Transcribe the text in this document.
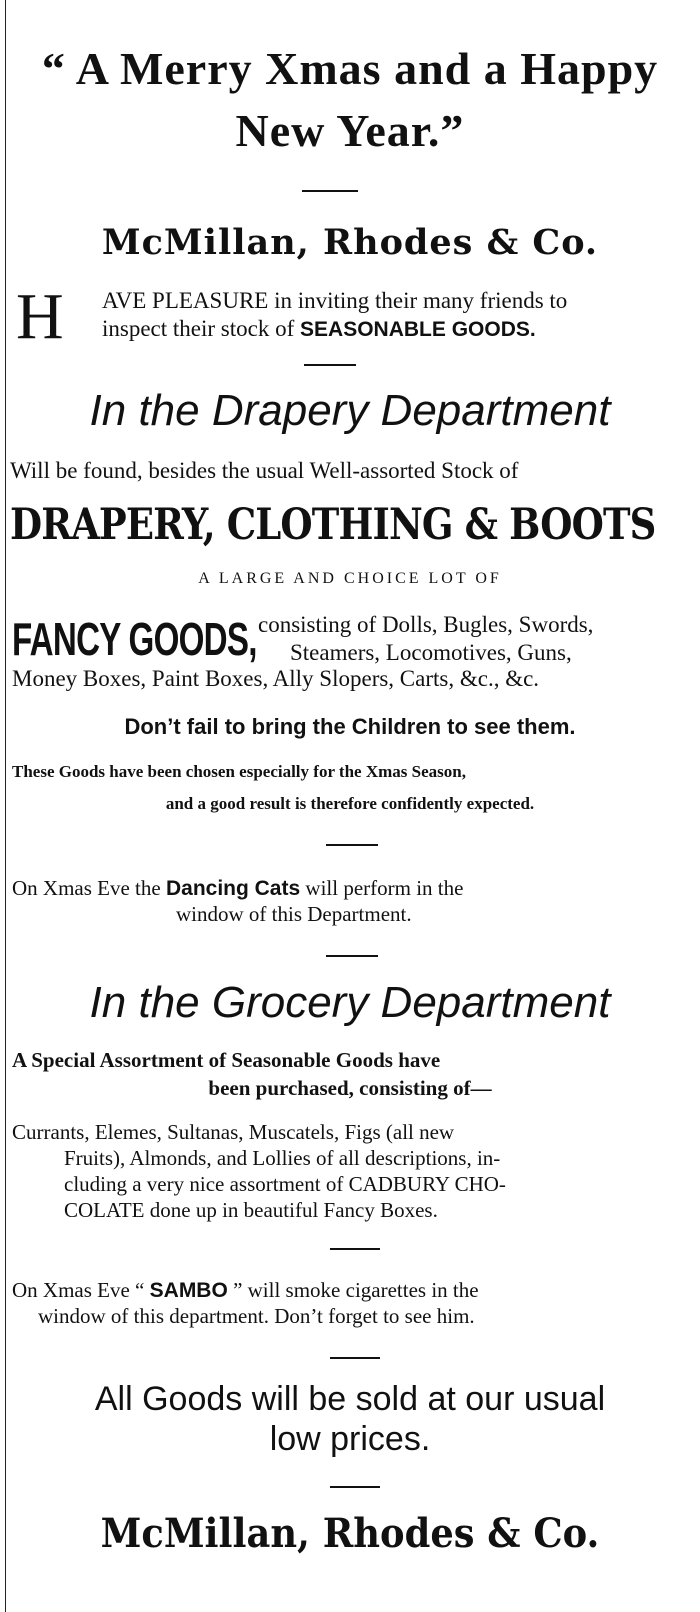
“ A Merry Xmas and a Happy
New Year.”
McMillan, Rhodes & Co.
H AVE PLEASURE in inviting their many friends to
inspect their stock of SEASONABLE GOODS.
In the Drapery Department
Will be found, besides the usual Well-assorted Stock of
DRAPERY, CLOTHING & BOOTS
A LARGE AND CHOICE LOT OF
FANCY GOODS, consisting of Dolls, Bugles, Swords,
Steamers, Locomotives, Guns,
Money Boxes, Paint Boxes, Ally Slopers, Carts, &c., &c.
Don’t fail to bring the Children to see them.
These Goods have been chosen especially for the Xmas Season,
and a good result is therefore confidently expected.
On Xmas Eve the Dancing Cats will perform in the
window of this Department.
In the Grocery Department
A Special Assortment of Seasonable Goods have
been purchased, consisting of—
Currants, Elemes, Sultanas, Muscatels, Figs (all new
Fruits), Almonds, and Lollies of all descriptions, in-
cluding a very nice assortment of CADBURY CHO-
COLATE done up in beautiful Fancy Boxes.
On Xmas Eve “ SAMBO ” will smoke cigarettes in the
window of this department. Don’t forget to see him.
All Goods will be sold at our usual
low prices.
McMillan, Rhodes & Co.
